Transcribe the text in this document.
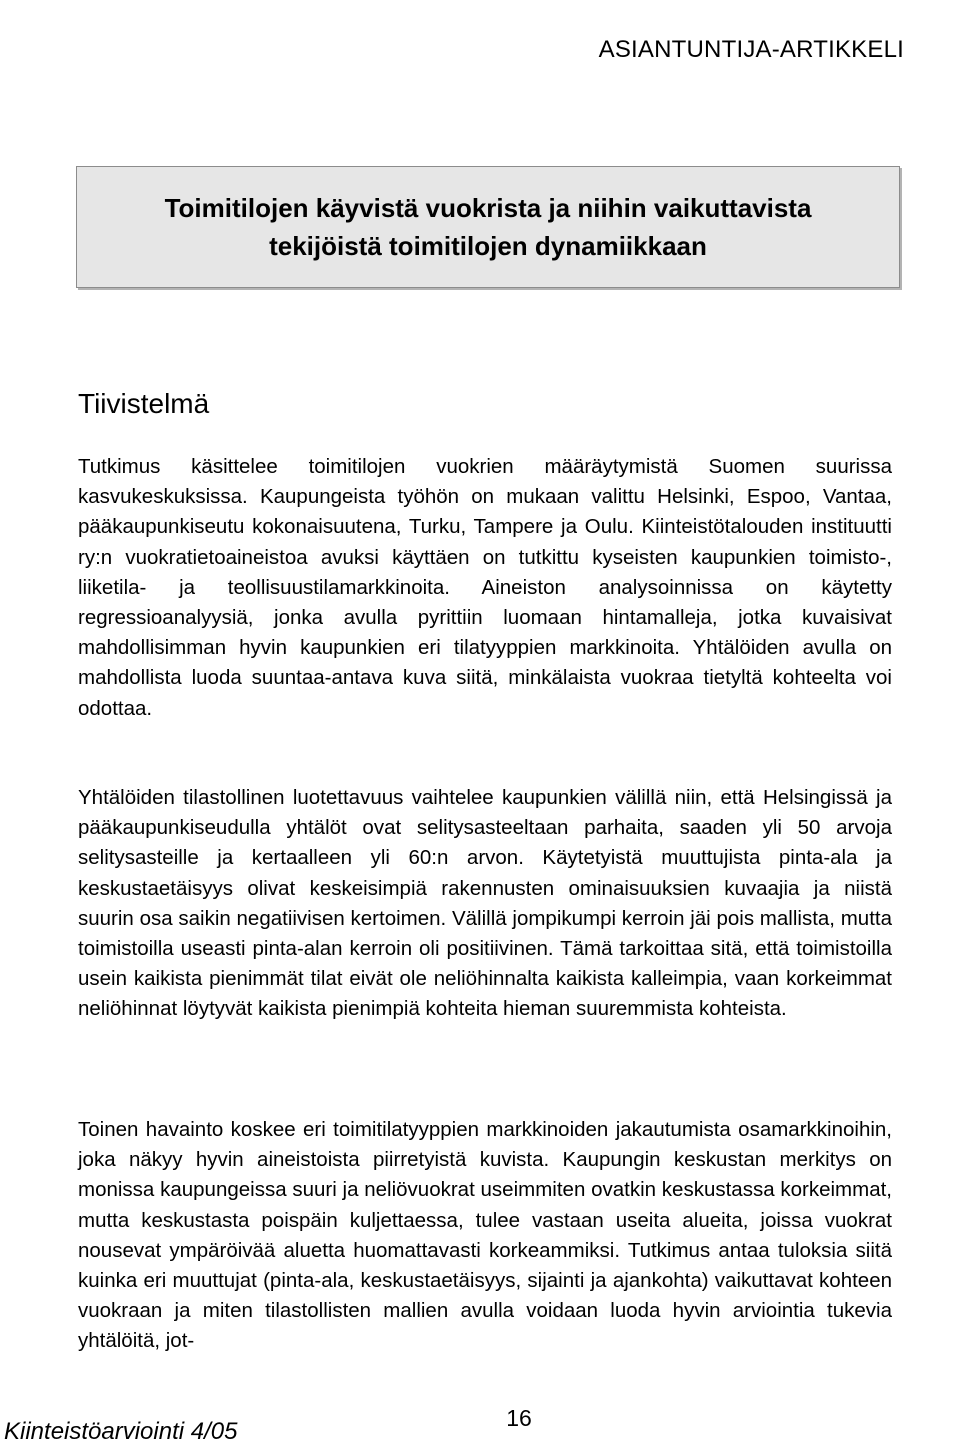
ASIANTUNTIJA-ARTIKKELI
Toimitilojen käyvistä vuokrista ja niihin vaikuttavista
tekijöistä toimitilojen dynamiikkaan
Tiivistelmä

Tutkimus käsittelee toimitilojen vuokrien määräytymistä Suomen suurissa kasvukeskuksissa. Kaupungeista työhön on mukaan valittu Helsinki, Espoo, Vantaa, pääkaupunkiseutu kokonaisuutena, Turku, Tampere ja Oulu. Kiinteistötalouden instituutti ry:n vuokratietoaineistoa avuksi käyttäen on tutkittu kyseisten kaupunkien toimisto-, liiketila- ja teollisuustilamarkkinoita. Aineiston analysoinnissa on käytetty regressioanalyysiä, jonka avulla pyrittiin luomaan hintamalleja, jotka kuvaisivat mahdollisimman hyvin kaupunkien eri tilatyyppien markkinoita. Yhtälöiden avulla on mahdollista luoda suuntaa-antava kuva siitä, minkälaista vuokraa tietyltä kohteelta voi odottaa.

Yhtälöiden tilastollinen luotettavuus vaihtelee kaupunkien välillä niin, että Helsingissä ja pääkaupunkiseudulla yhtälöt ovat selitysasteeltaan parhaita, saaden yli 50 arvoja selitysasteille ja kertaalleen yli 60:n arvon. Käytetyistä muuttujista pinta-ala ja keskustaetäisyys olivat keskeisimpiä rakennusten ominaisuuksien kuvaajia ja niistä suurin osa saikin negatiivisen kertoimen. Välillä jompikumpi kerroin jäi pois mallista, mutta toimistoilla useasti pinta-alan kerroin oli positiivinen. Tämä tarkoittaa sitä, että toimistoilla usein kaikista pienimmät tilat eivät ole neliöhinnalta kaikista kalleimpia, vaan korkeimmat neliöhinnat löytyvät kaikista pienimpiä kohteita hieman suuremmista kohteista.

Toinen havainto koskee eri toimitilatyyppien markkinoiden jakautumista osamarkkinoihin, joka näkyy hyvin aineistoista piirretyistä kuvista. Kaupungin keskustan merkitys on monissa kaupungeissa suuri ja neliövuokrat useimmiten ovatkin keskustassa korkeimmat, mutta keskustasta poispäin kuljettaessa, tulee vastaan useita alueita, joissa vuokrat nousevat ympäröivää aluetta huomattavasti korkeammiksi. Tutkimus antaa tuloksia siitä kuinka eri muuttujat (pinta-ala, keskustaetäisyys, sijainti ja ajankohta) vaikuttavat kohteen vuokraan ja miten tilastollisten mallien avulla voidaan luoda hyvin arviointia tukevia yhtälöitä, jot-

16
Kiinteistöarviointi 4/05
